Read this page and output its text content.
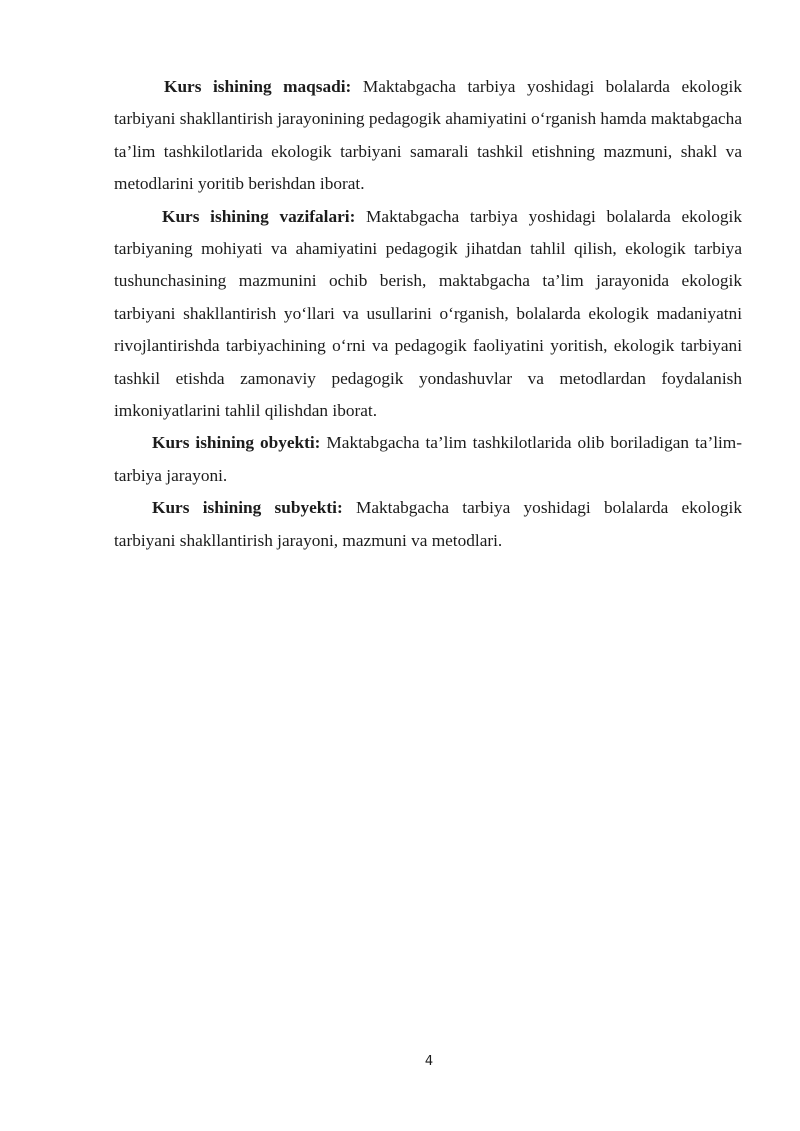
Kurs ishining maqsadi: Maktabgacha tarbiya yoshidagi bolalarda ekologik tarbiyani shakllantirish jarayonining pedagogik ahamiyatini o‘rganish hamda maktabgacha ta’lim tashkilotlarida ekologik tarbiyani samarali tashkil etishning mazmuni, shakl va metodlarini yoritib berishdan iborat.

Kurs ishining vazifalari: Maktabgacha tarbiya yoshidagi bolalarda ekologik tarbiyaning mohiyati va ahamiyatini pedagogik jihatdan tahlil qilish, ekologik tarbiya tushunchasining mazmunini ochib berish, maktabgacha ta’lim jarayonida ekologik tarbiyani shakllantirish yo‘llari va usullarini o‘rganish, bolalarda ekologik madaniyatni rivojlantirishda tarbiyachining o‘rni va pedagogik faoliyatini yoritish, ekologik tarbiyani tashkil etishda zamonaviy pedagogik yondashuvlar va metodlardan foydalanish imkoniyatlarini tahlil qilishdan iborat.

Kurs ishining obyekti: Maktabgacha ta’lim tashkilotlarida olib boriladigan ta’lim-tarbiya jarayoni.

Kurs ishining subyekti: Maktabgacha tarbiya yoshidagi bolalarda ekologik tarbiyani shakllantirish jarayoni, mazmuni va metodlari.

4
